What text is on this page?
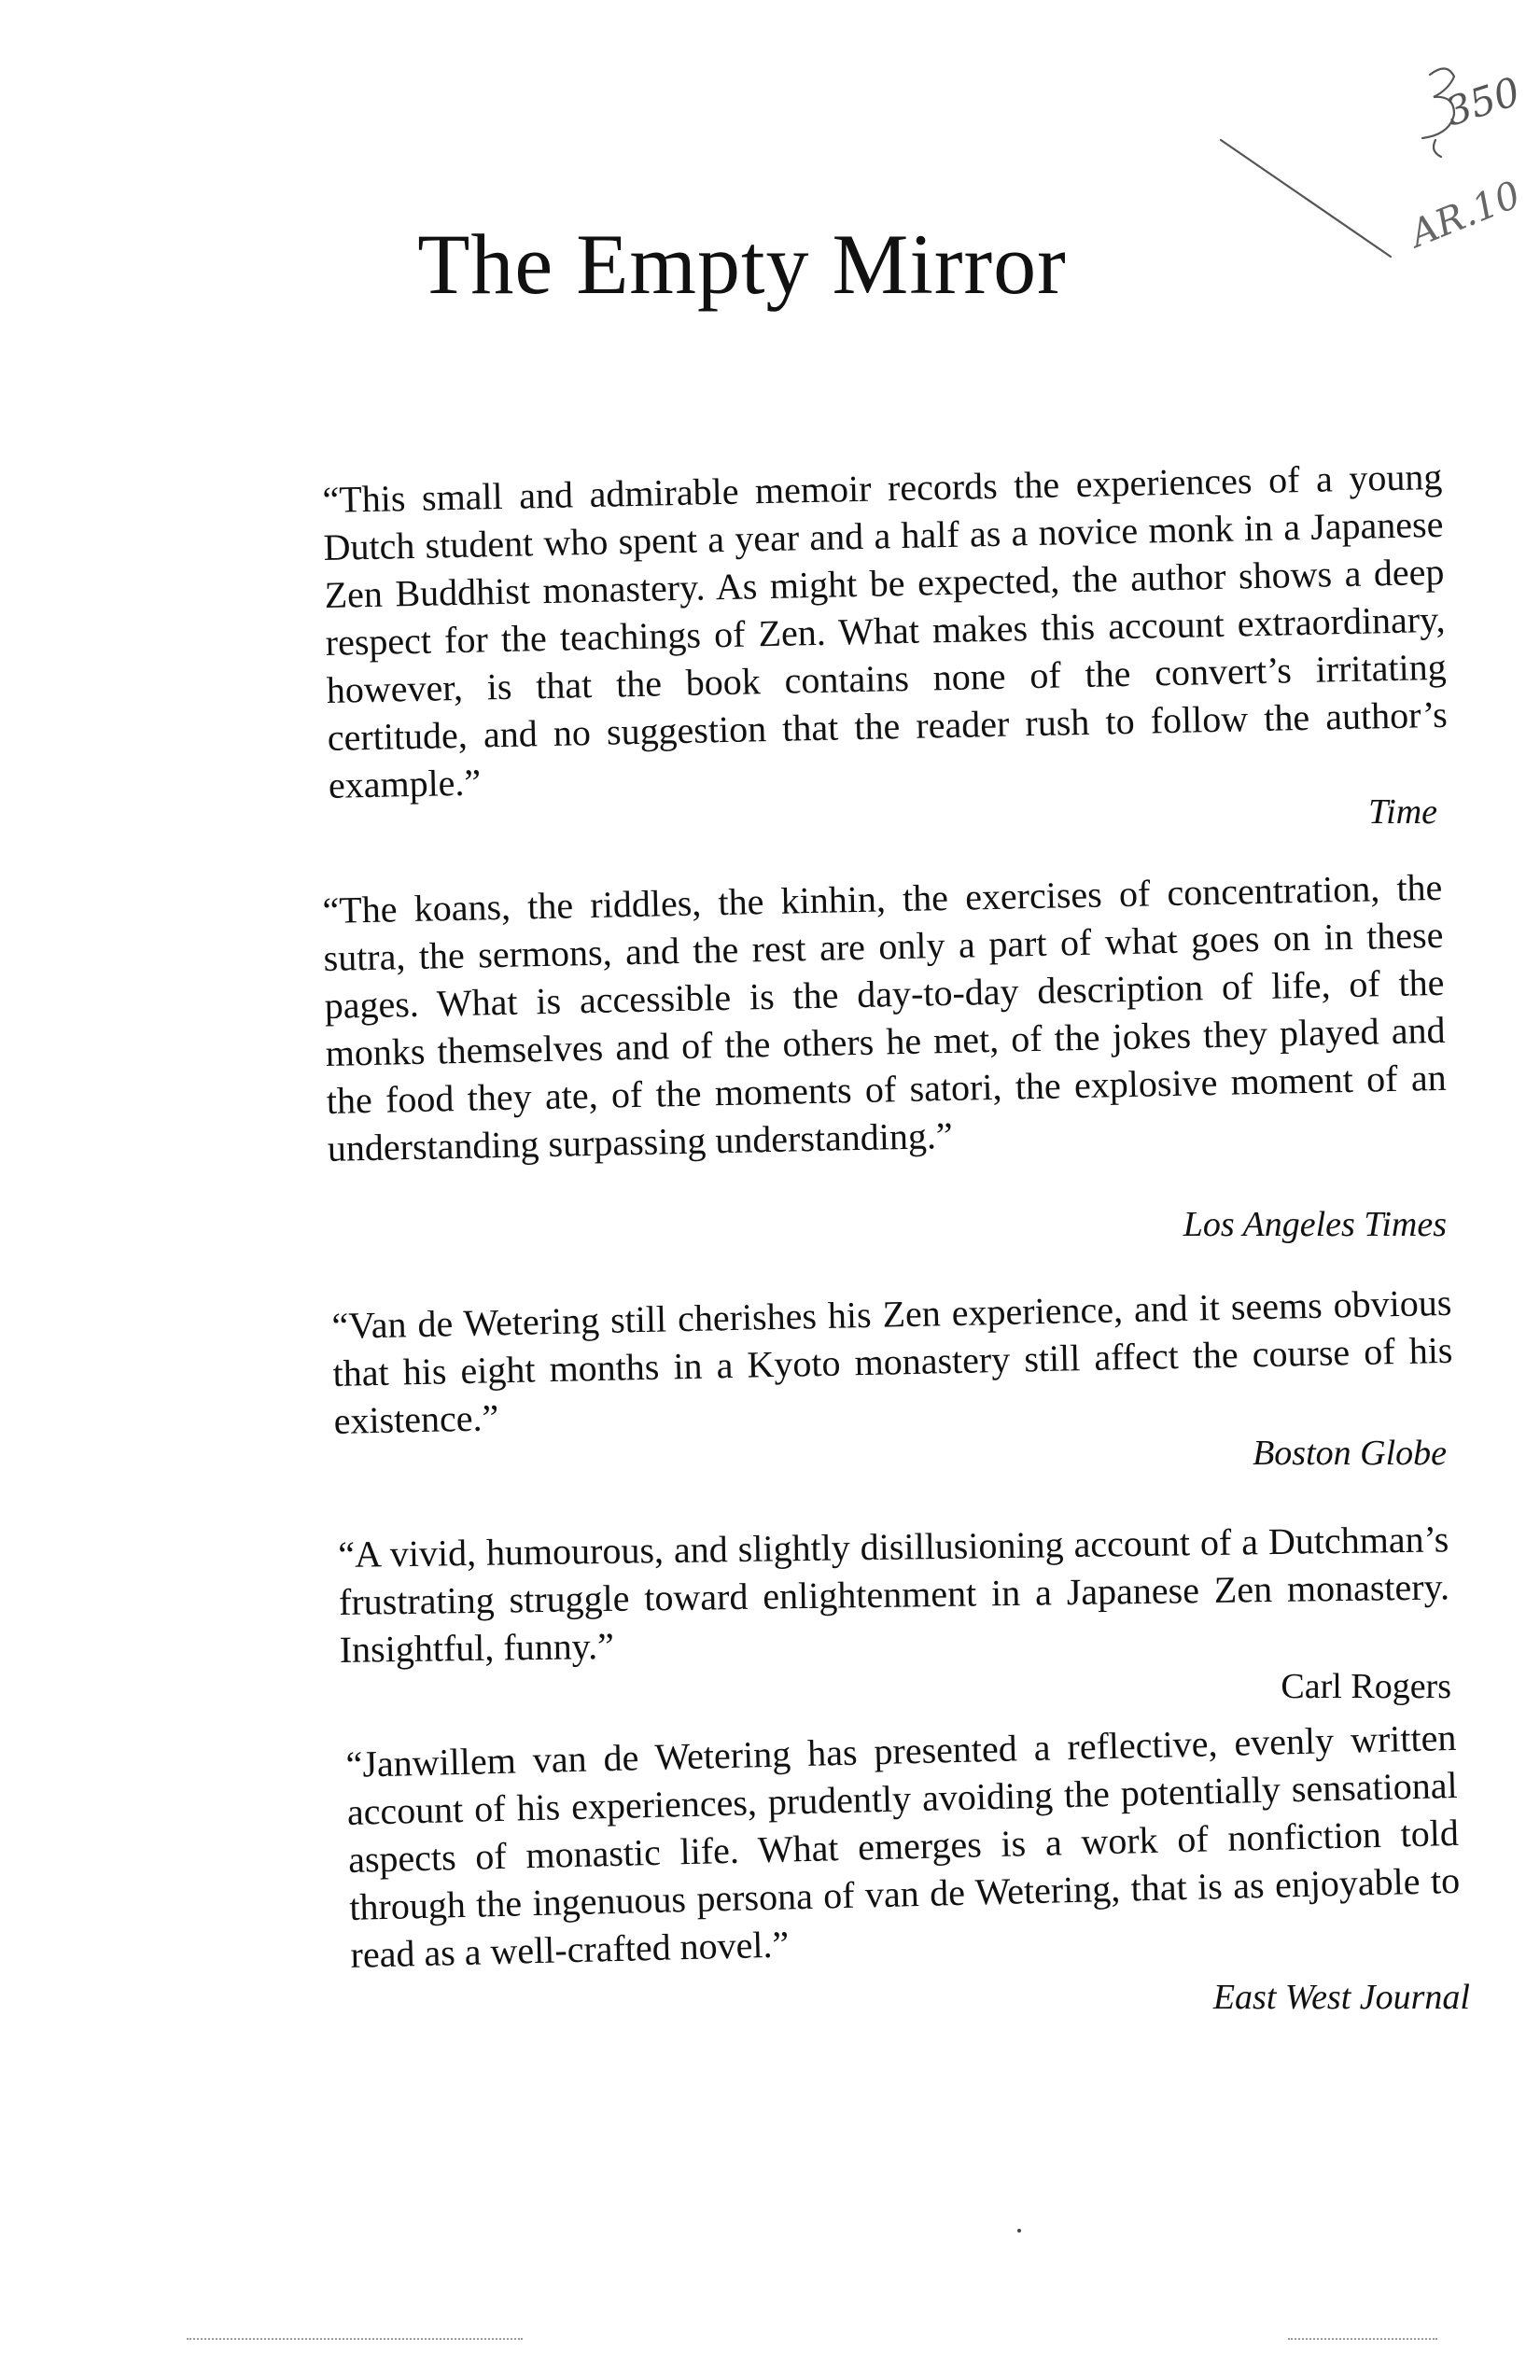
350
AR.10
The Empty Mirror

“This small and admirable memoir records the experiences of a young Dutch student who spent a year and a half as a novice monk in a Japanese Zen Buddhist monastery. As might be expected, the author shows a deep respect for the teachings of Zen. What makes this account extraordinary, however, is that the book contains none of the convert’s irritating certitude, and no suggestion that the reader rush to follow the author’s example.”

Time

“The koans, the riddles, the kinhin, the exercises of concentration, the sutra, the sermons, and the rest are only a part of what goes on in these pages. What is accessible is the day-to-day description of life, of the monks themselves and of the others he met, of the jokes they played and the food they ate, of the moments of satori, the explosive moment of an understanding surpassing understanding.”

Los Angeles Times

“Van de Wetering still cherishes his Zen experience, and it seems obvious that his eight months in a Kyoto monastery still affect the course of his existence.”

Boston Globe

“A vivid, humourous, and slightly disillusioning account of a Dutchman’s frustrating struggle toward enlightenment in a Japanese Zen monastery. Insightful, funny.”

Carl Rogers

“Janwillem van de Wetering has presented a reflective, evenly written account of his experiences, prudently avoiding the potentially sensational aspects of monastic life. What emerges is a work of nonfiction told through the ingenuous persona of van de Wetering, that is as enjoyable to read as a well-crafted novel.”

East West Journal
